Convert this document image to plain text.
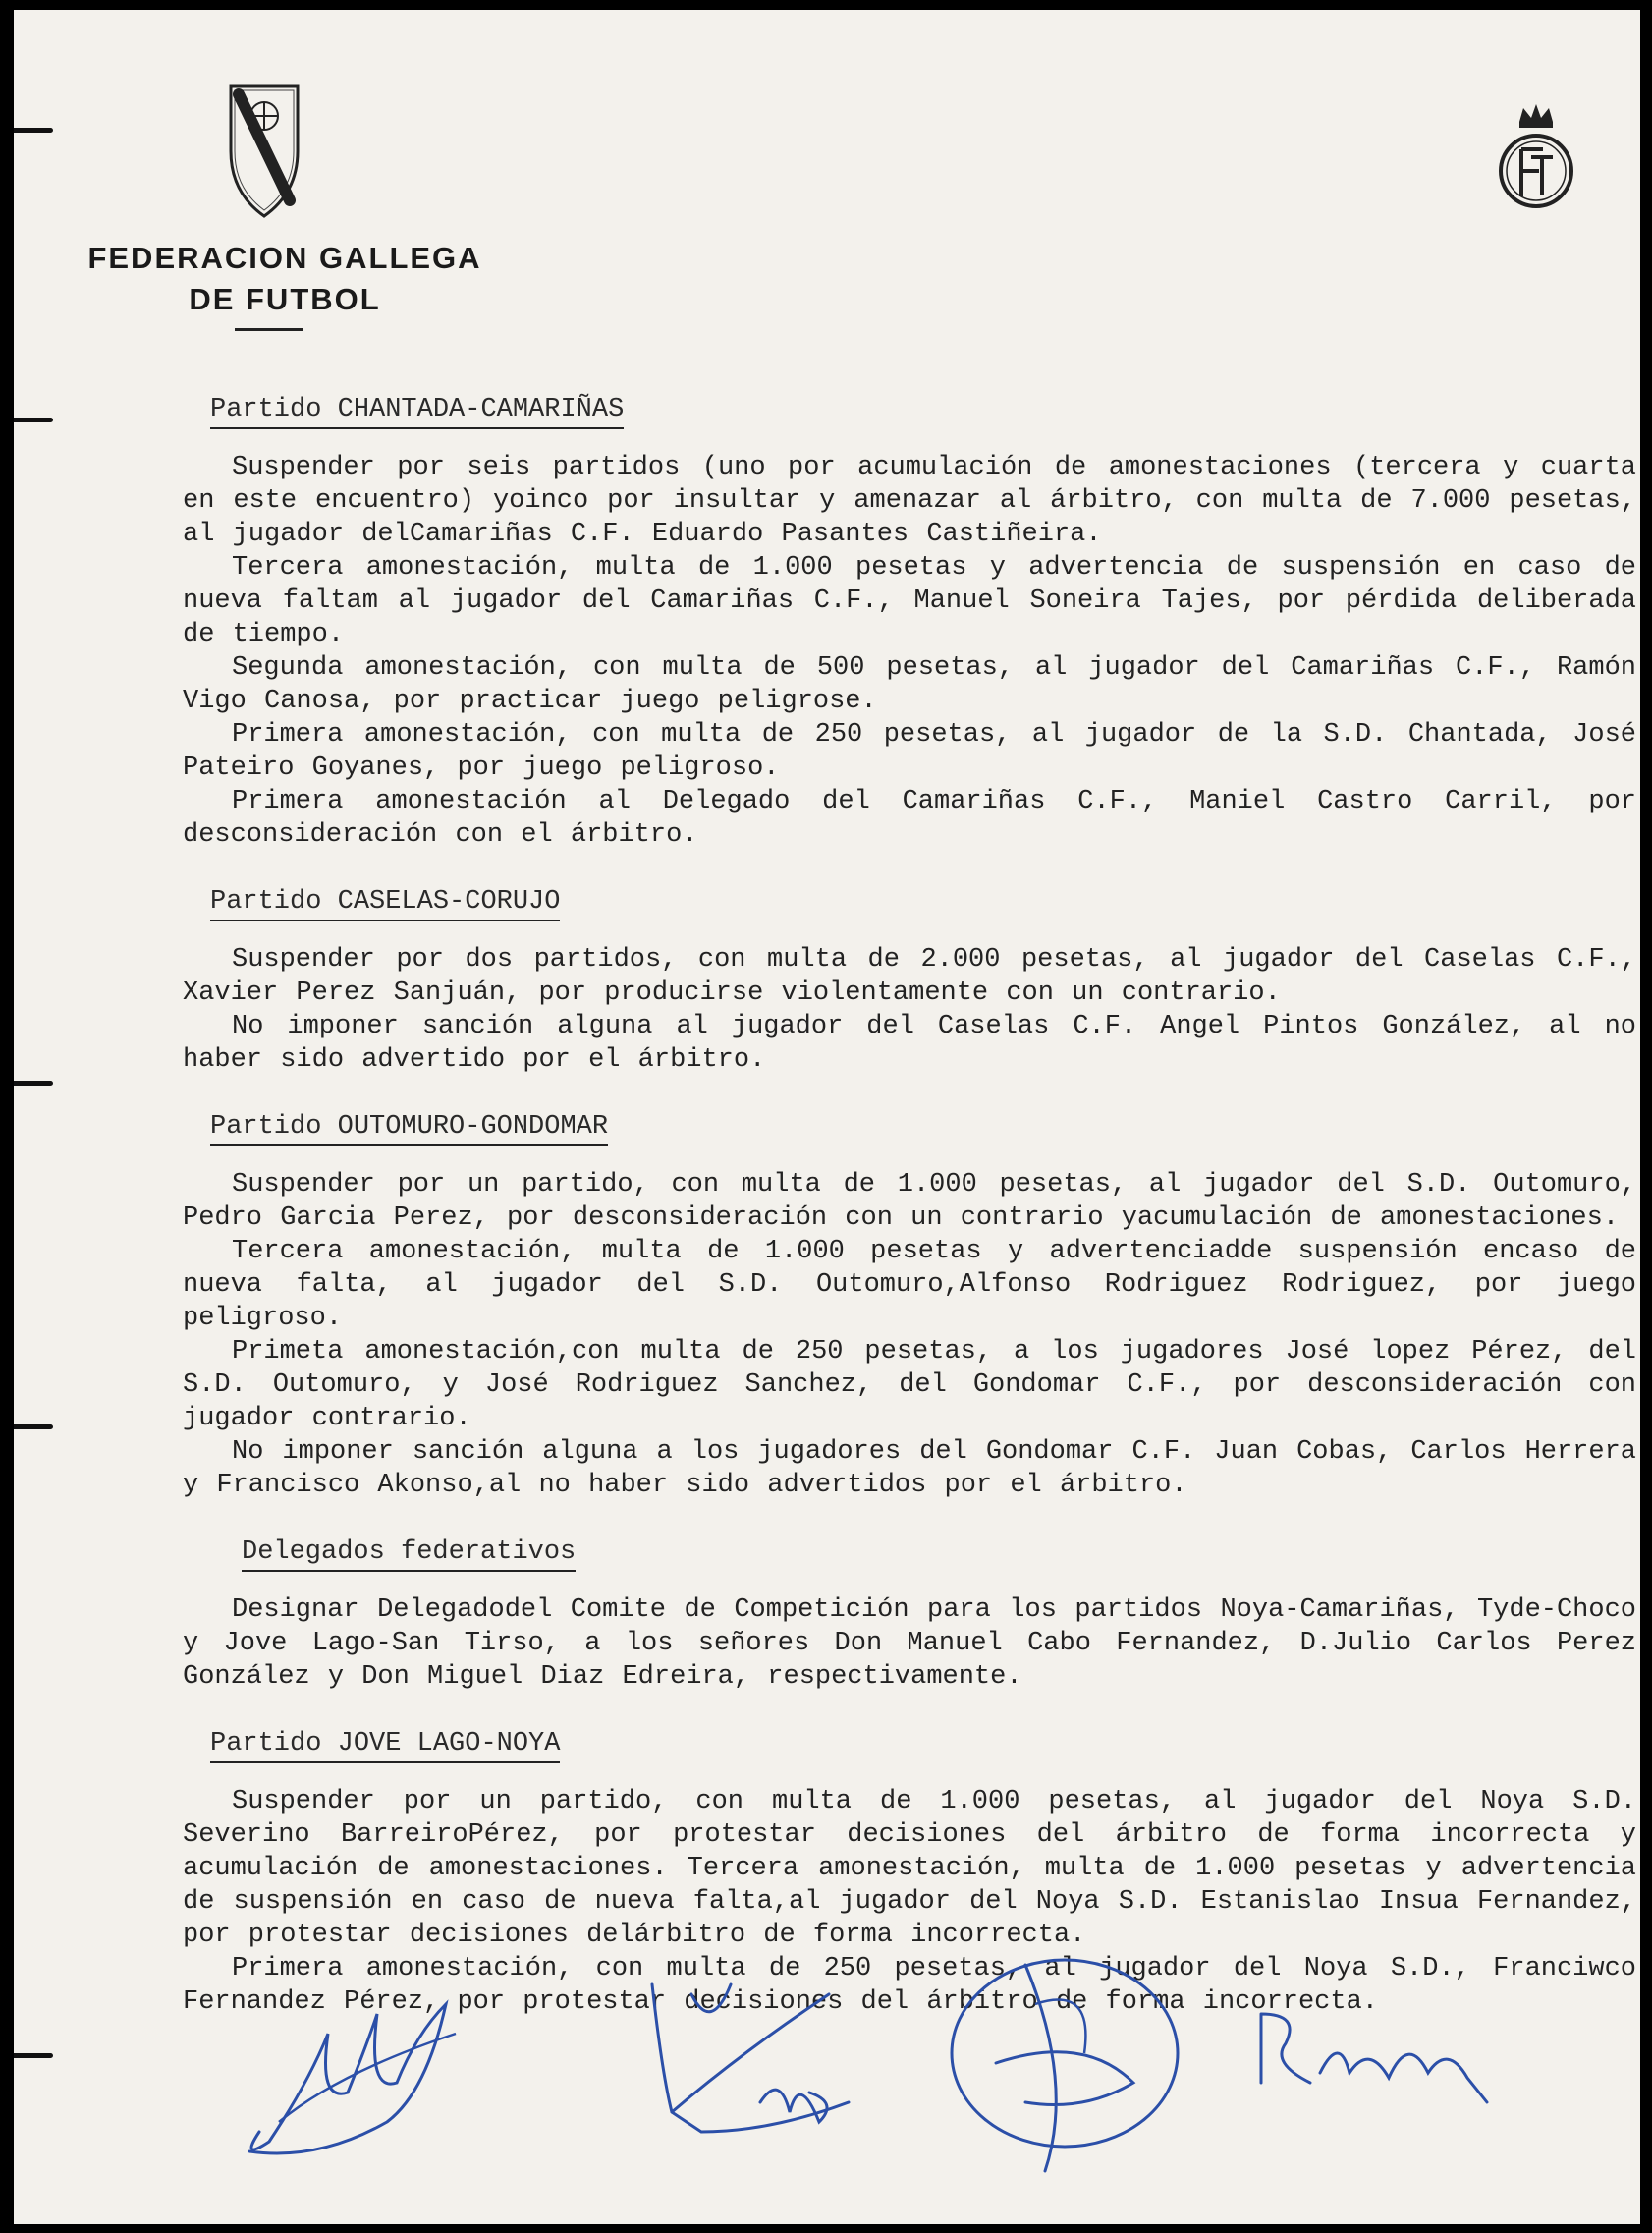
FEDERACION GALLEGA
DE FUTBOL
Partido CHANTADA-CAMARIÑAS

Suspender por seis partidos (uno por acumulación de amonestaciones (tercera y cuarta en este encuentro) yoinco por insultar y amenazar al árbitro, con multa de 7.000 pesetas, al jugador delCamariñas C.F. Eduardo Pasantes Castiñeira.

Tercera amonestación, multa de 1.000 pesetas y advertencia de suspensión en caso de nueva faltam al jugador del Camariñas C.F., Manuel Soneira Tajes, por pérdida deliberada de tiempo.

Segunda amonestación, con multa de 500 pesetas, al jugador del Camariñas C.F., Ramón Vigo Canosa, por practicar juego peligrose.

Primera amonestación, con multa de 250 pesetas, al jugador de la S.D. Chantada, José Pateiro Goyanes, por juego peligroso.

Primera amonestación al Delegado del Camariñas C.F., Maniel Castro Carril, por desconsideración con el árbitro.

Partido CASELAS-CORUJO

Suspender por dos partidos, con multa de 2.000 pesetas, al jugador del Caselas C.F., Xavier Perez Sanjuán, por producirse violentamente con un contrario.

No imponer sanción alguna al jugador del Caselas C.F. Angel Pintos González, al no haber sido advertido por el árbitro.

Partido OUTOMURO-GONDOMAR

Suspender por un partido, con multa de 1.000 pesetas, al jugador del S.D. Outomuro, Pedro Garcia Perez, por desconsideración con un contrario yacumulación de amonestaciones.

Tercera amonestación, multa de 1.000 pesetas y advertenciadde suspensión encaso de nueva falta, al jugador del S.D. Outomuro,Alfonso Rodriguez Rodriguez, por juego peligroso.

Primeta amonestación,con multa de 250 pesetas, a los jugadores José lopez Pérez, del S.D. Outomuro, y José Rodriguez Sanchez, del Gondomar C.F., por desconsideración con jugador contrario.

No imponer sanción alguna a los jugadores del Gondomar C.F. Juan Cobas, Carlos Herrera y Francisco Akonso,al no haber sido advertidos por el árbitro.

Delegados federativos

Designar Delegadodel Comite de Competición para los partidos Noya-Camariñas, Tyde-Choco y Jove Lago-San Tirso, a los señores Don Manuel Cabo Fernandez, D.Julio Carlos Perez González y Don Miguel Diaz Edreira, respectivamente.

Partido JOVE LAGO-NOYA

Suspender por un partido, con multa de 1.000 pesetas, al jugador del Noya S.D. Severino BarreiroPérez, por protestar decisiones del árbitro de forma incorrecta y acumulación de amonestaciones. Tercera amonestación, multa de 1.000 pesetas y advertencia de suspensión en caso de nueva falta,al jugador del Noya S.D. Estanislao Insua Fernandez, por protestar decisiones delárbitro de forma incorrecta.

Primera amonestación, con multa de 250 pesetas, al jugador del Noya S.D., Franciwco Fernandez Pérez, por protestar decisiones del árbitro de forma incorrecta.
